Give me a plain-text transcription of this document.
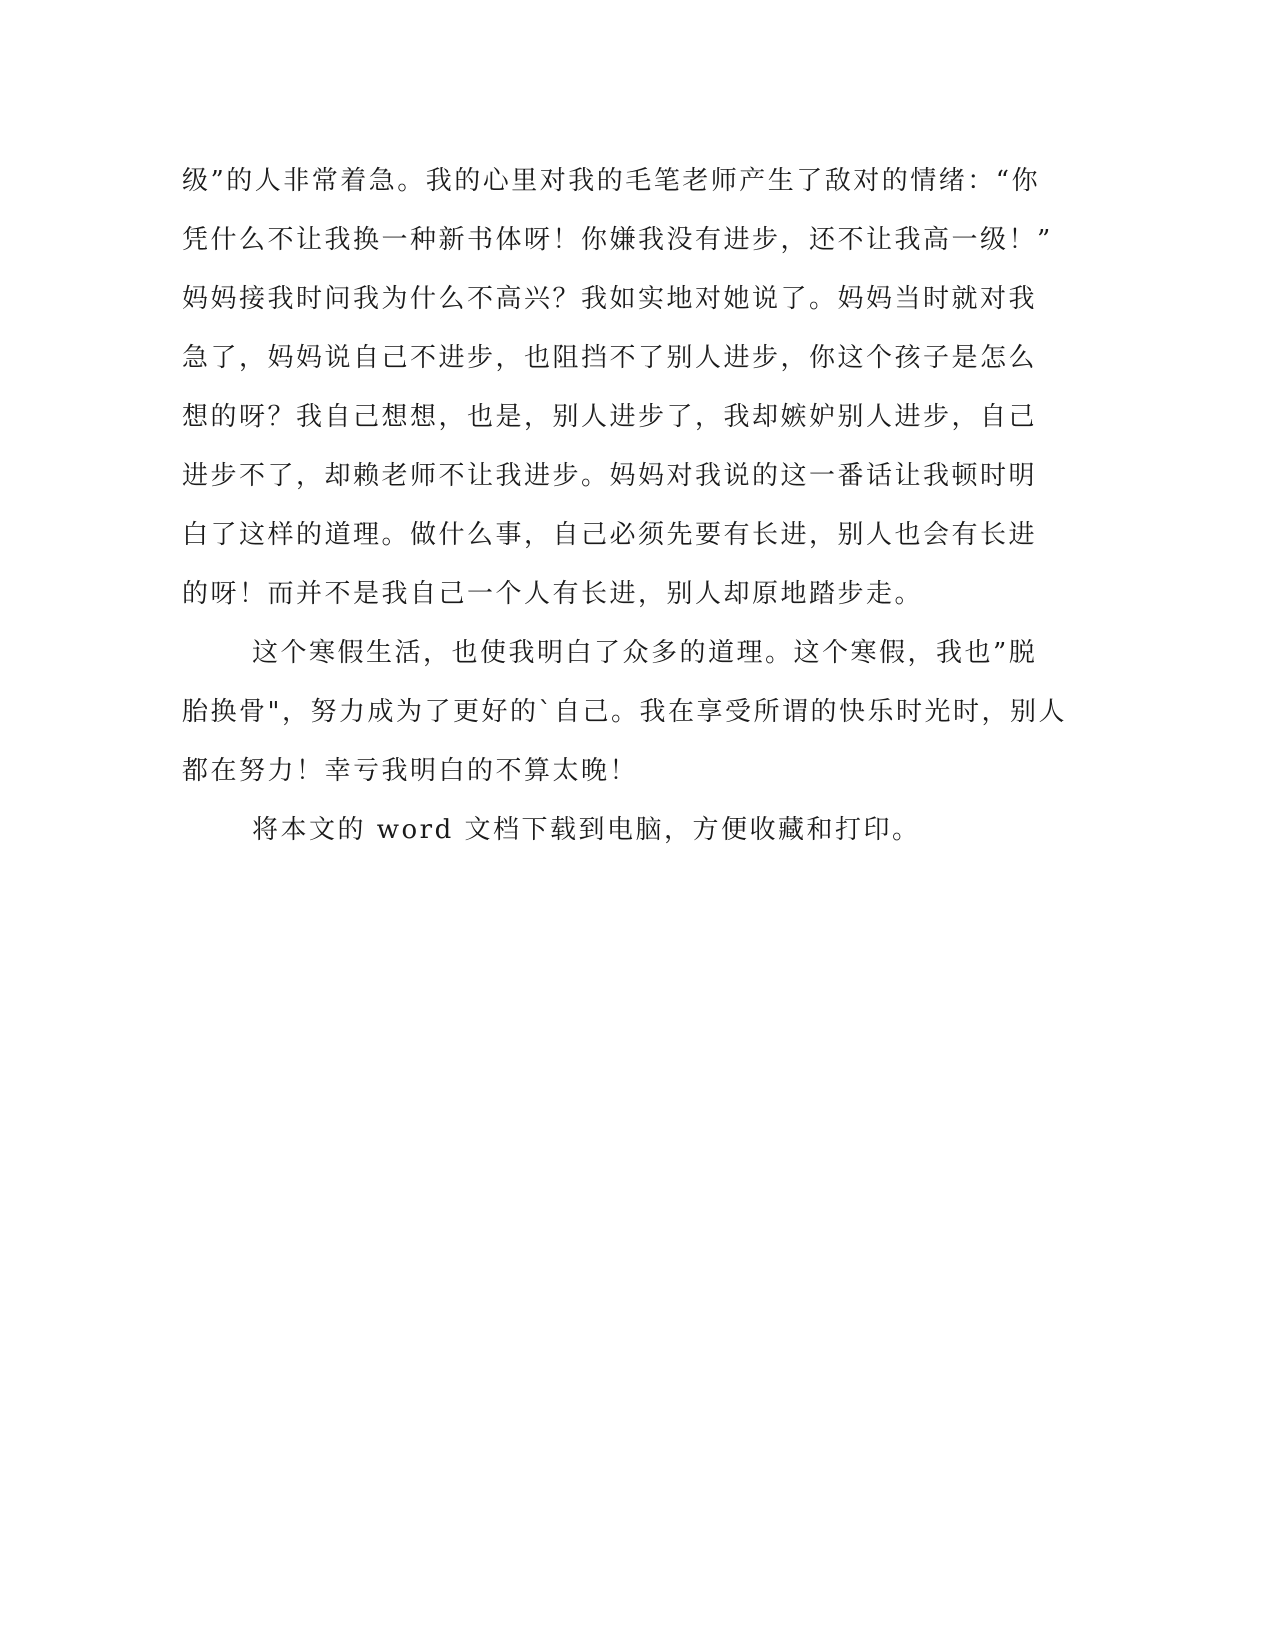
级”的人非常着急。我的心里对我的毛笔老师产生了敌对的情绪：“你
凭什么不让我换一种新书体呀！你嫌我没有进步，还不让我高一级！”
妈妈接我时问我为什么不高兴？我如实地对她说了。妈妈当时就对我
急了，妈妈说自己不进步，也阻挡不了别人进步，你这个孩子是怎么
想的呀？我自己想想，也是，别人进步了，我却嫉妒别人进步，自己
进步不了，却赖老师不让我进步。妈妈对我说的这一番话让我顿时明
白了这样的道理。做什么事，自己必须先要有长进，别人也会有长进
的呀！而并不是我自己一个人有长进，别人却原地踏步走。
这个寒假生活，也使我明白了众多的道理。这个寒假，我也”脱
胎换骨"，努力成为了更好的`自己。我在享受所谓的快乐时光时，别人
都在努力！幸亏我明白的不算太晚！
将本文的 word 文档下载到电脑，方便收藏和打印。
